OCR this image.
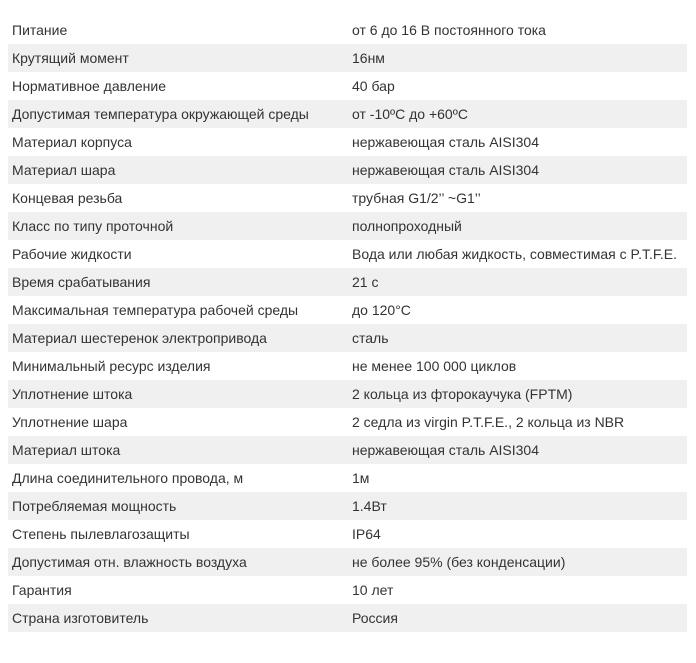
Питание	от 6 до 16 В постоянного тока
Крутящий момент	16нм
Нормативное давление	40 бар
Допустимая температура окружающей среды	от -10ºС до +60ºС
Материал корпуса	нержавеющая сталь AISI304
Материал шара	нержавеющая сталь AISI304
Концевая резьба	трубная G1/2’’ ~G1’’
Класс по типу проточной	полнопроходный
Рабочие жидкости	Вода или любая жидкость, совместимая с P.T.F.E.
Время срабатывания	21 с
Максимальная температура рабочей среды	до 120°С
Материал шестеренок электропривода	сталь
Минимальный ресурс изделия	не менее 100 000 циклов
Уплотнение штока	2 кольца из фторокаучука (FPTM)
Уплотнение шара	2 седла из virgin P.T.F.E., 2 кольца из NBR
Материал штока	нержавеющая сталь AISI304
Длина соединительного провода, м	1м
Потребляемая мощность	1.4Вт
Степень пылевлагозащиты	IP64
Допустимая отн. влажность воздуха	не более 95% (без конденсации)
Гарантия	10 лет
Страна изготовитель	Россия
